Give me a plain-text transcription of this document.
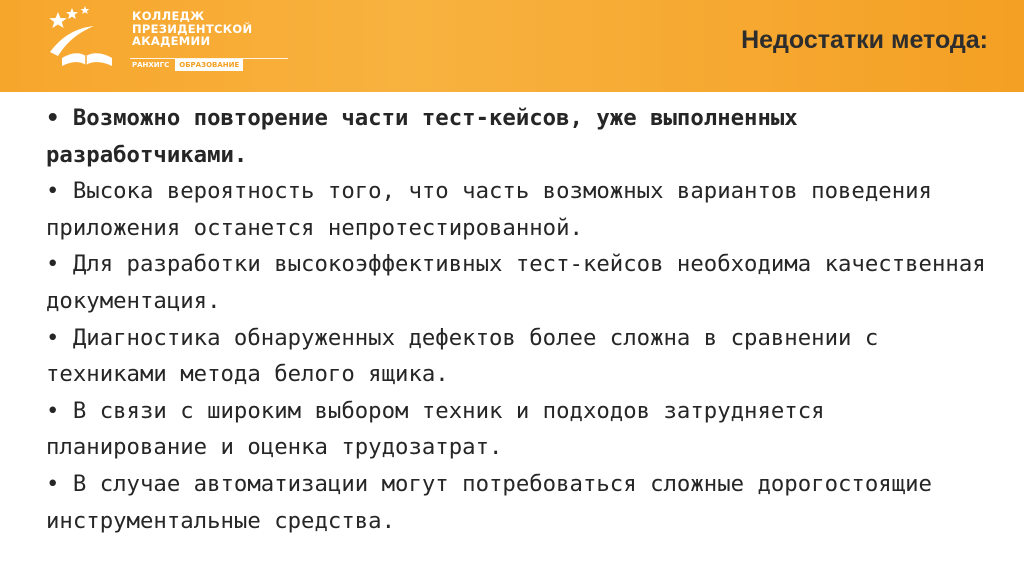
КОЛЛЕДЖ
ПРЕЗИДЕНТСКОЙ
АКАДЕМИИ
РАНХИГС ОБРАЗОВАНИЕ
Недостатки метода:

• Возможно повторение части тест-кейсов, уже выполненных разработчиками.

• Высока вероятность того, что часть возможных вариантов поведения приложения останется непротестированной.

• Для разработки высокоэффективных тест-кейсов необходима качественная документация.

• Диагностика обнаруженных дефектов более сложна в сравнении с техниками метода белого ящика.

• В связи с широким выбором техник и подходов затрудняется планирование и оценка трудозатрат.

• В случае автоматизации могут потребоваться сложные дорогостоящие инструментальные средства.
